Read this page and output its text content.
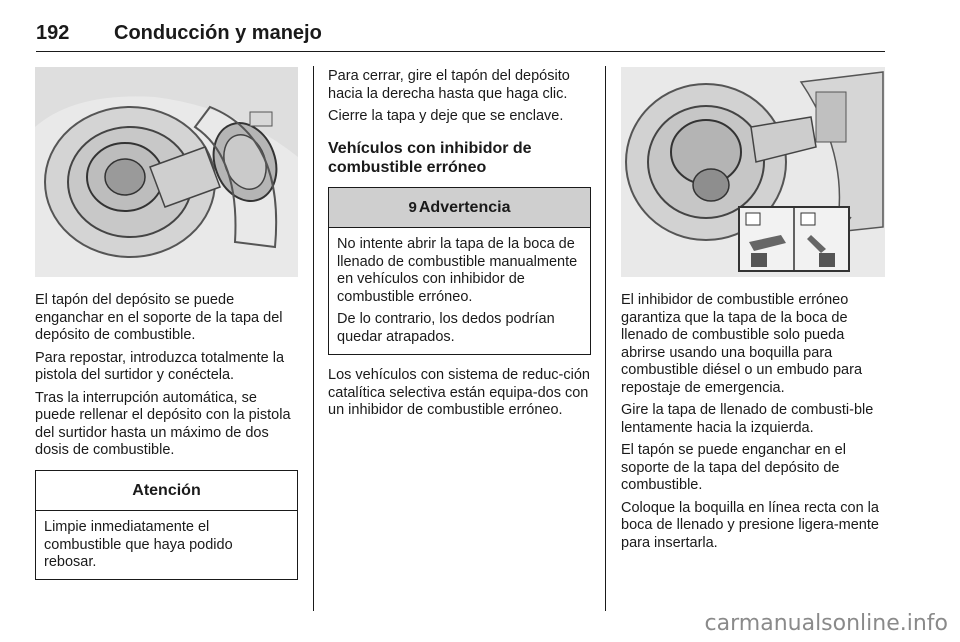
192 Conducción y manejo

El tapón del depósito se puede enganchar en el soporte de la tapa del depósito de combustible.

Para repostar, introduzca totalmente la pistola del surtidor y conéctela.

Tras la interrupción automática, se puede rellenar el depósito con la pistola del surtidor hasta un máximo de dos dosis de combustible.

Atención

Limpie inmediatamente el combustible que haya podido rebosar.

Para cerrar, gire el tapón del depósito hacia la derecha hasta que haga clic.

Cierre la tapa y deje que se enclave.

Vehículos con inhibidor de combustible erróneo
9 Advertencia

No intente abrir la tapa de la boca de llenado de combustible manualmente en vehículos con inhibidor de combustible erróneo.

De lo contrario, los dedos podrían quedar atrapados.

Los vehículos con sistema de reduc-ción catalítica selectiva están equipa-dos con un inhibidor de combustible erróneo.

El inhibidor de combustible erróneo garantiza que la tapa de la boca de llenado de combustible solo pueda abrirse usando una boquilla para combustible diésel o un embudo para repostaje de emergencia.

Gire la tapa de llenado de combusti-ble lentamente hacia la izquierda.

El tapón se puede enganchar en el soporte de la tapa del depósito de combustible.

Coloque la boquilla en línea recta con la boca de llenado y presione ligera-mente para insertarla.

carmanualsonline.info
